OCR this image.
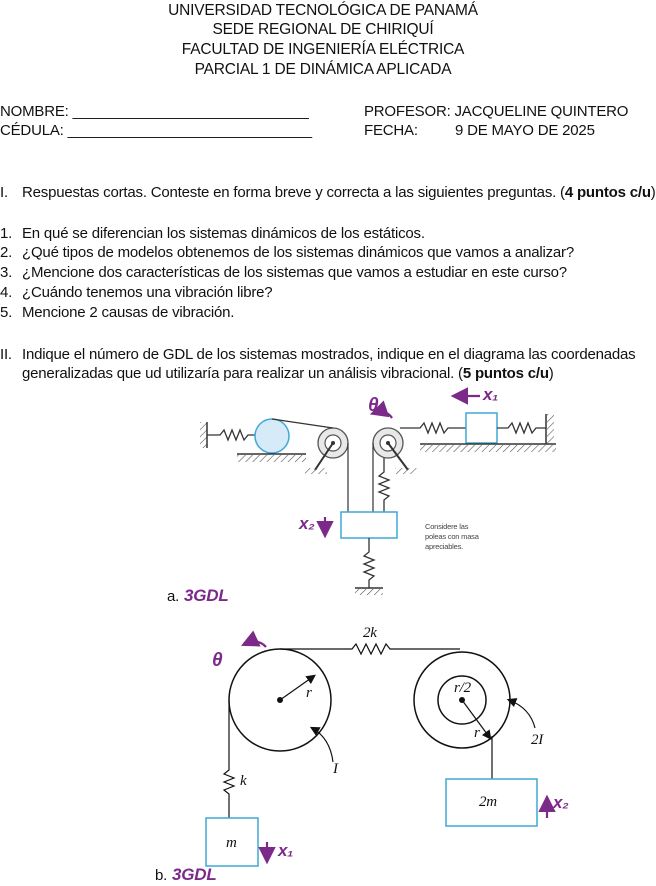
UNIVERSIDAD TECNOLÓGICA DE PANAMÁ
SEDE REGIONAL DE CHIRIQUÍ
FACULTAD DE INGENIERÍA ELÉCTRICA
PARCIAL 1 DE DINÁMICA APLICADA
NOMBRE: _____________________________
CÉDULA: ______________________________
PROFESOR: JACQUELINE QUINTERO
FECHA: 9 DE MAYO DE 2025
I. Respuestas cortas. Conteste en forma breve y correcta a las siguientes preguntas. (4 puntos c/u)
1. En qué se diferencian los sistemas dinámicos de los estáticos.
2. ¿Qué tipos de modelos obtenemos de los sistemas dinámicos que vamos a analizar?
3. ¿Mencione dos características de los sistemas que vamos a estudiar en este curso?
4. ¿Cuándo tenemos una vibración libre?
5. Mencione 2 causas de vibración.
II. Indique el número de GDL de los sistemas mostrados, indique en el diagrama las coordenadas
generalizadas que ud utilizaría para realizar un análisis vibracional. (5 puntos c/u)
θ
x₁
x₂	Considere las
poleas con masa
apreciables.
a. 3GDL
θ
2k
r
I
k
m x₁
r/2
r	2I
2m	x₂
b. 3GDL
